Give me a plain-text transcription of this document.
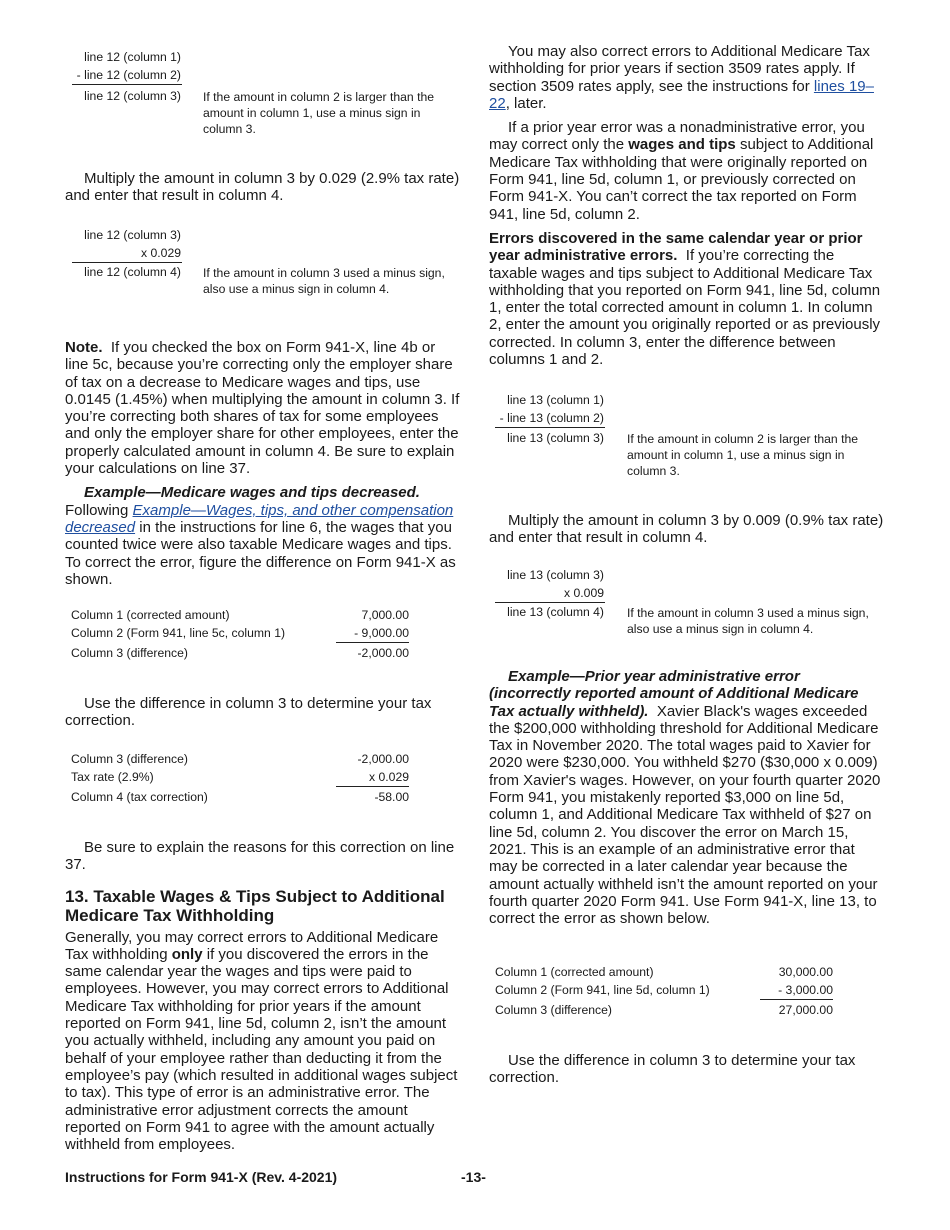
line 12 (column 1)
- line 12 (column 2)
line 12 (column 3) If the amount in column 2 is larger than the amount in column 1, use a minus sign in column 3.

Multiply the amount in column 3 by 0.029 (2.9% tax rate) and enter that result in column 4.

line 12 (column 3)
x 0.029
line 12 (column 4) If the amount in column 3 used a minus sign, also use a minus sign in column 4.

Note. If you checked the box on Form 941-X, line 4b or line 5c, because you’re correcting only the employer share of tax on a decrease to Medicare wages and tips, use 0.0145 (1.45%) when multiplying the amount in column 3. If you’re correcting both shares of tax for some employees and only the employer share for other employees, enter the properly calculated amount in column 4. Be sure to explain your calculations on line 37.

Example—Medicare wages and tips decreased. Following Example—Wages, tips, and other compensation decreased in the instructions for line 6, the wages that you counted twice were also taxable Medicare wages and tips. To correct the error, figure the difference on Form 941-X as shown.

Column 1 (corrected amount)	7,000.00
Column 2 (Form 941, line 5c, column 1)	- 9,000.00
Column 3 (difference)	-2,000.00

Use the difference in column 3 to determine your tax correction.

Column 3 (difference)	-2,000.00
Tax rate (2.9%)	x 0.029
Column 4 (tax correction)	-58.00

Be sure to explain the reasons for this correction on line 37.

13. Taxable Wages & Tips Subject to Additional Medicare Tax Withholding

Generally, you may correct errors to Additional Medicare Tax withholding only if you discovered the errors in the same calendar year the wages and tips were paid to employees. However, you may correct errors to Additional Medicare Tax withholding for prior years if the amount reported on Form 941, line 5d, column 2, isn’t the amount you actually withheld, including any amount you paid on behalf of your employee rather than deducting it from the employee’s pay (which resulted in additional wages subject to tax). This type of error is an administrative error. The administrative error adjustment corrects the amount reported on Form 941 to agree with the amount actually withheld from employees.

You may also correct errors to Additional Medicare Tax withholding for prior years if section 3509 rates apply. If section 3509 rates apply, see the instructions for lines 19–22, later.

If a prior year error was a nonadministrative error, you may correct only the wages and tips subject to Additional Medicare Tax withholding that were originally reported on Form 941, line 5d, column 1, or previously corrected on Form 941-X. You can’t correct the tax reported on Form 941, line 5d, column 2.

Errors discovered in the same calendar year or prior year administrative errors. If you’re correcting the taxable wages and tips subject to Additional Medicare Tax withholding that you reported on Form 941, line 5d, column 1, enter the total corrected amount in column 1. In column 2, enter the amount you originally reported or as previously corrected. In column 3, enter the difference between columns 1 and 2.

line 13 (column 1)
- line 13 (column 2)
line 13 (column 3) If the amount in column 2 is larger than the amount in column 1, use a minus sign in column 3.

Multiply the amount in column 3 by 0.009 (0.9% tax rate) and enter that result in column 4.

line 13 (column 3)
x 0.009
line 13 (column 4) If the amount in column 3 used a minus sign, also use a minus sign in column 4.

Example—Prior year administrative error (incorrectly reported amount of Additional Medicare Tax actually withheld). Xavier Black's wages exceeded the $200,000 withholding threshold for Additional Medicare Tax in November 2020. The total wages paid to Xavier for 2020 were $230,000. You withheld $270 ($30,000 x 0.009) from Xavier's wages. However, on your fourth quarter 2020 Form 941, you mistakenly reported $3,000 on line 5d, column 1, and Additional Medicare Tax withheld of $27 on line 5d, column 2. You discover the error on March 15, 2021. This is an example of an administrative error that may be corrected in a later calendar year because the amount actually withheld isn’t the amount reported on your fourth quarter 2020 Form 941. Use Form 941-X, line 13, to correct the error as shown below.

Column 1 (corrected amount)	30,000.00
Column 2 (Form 941, line 5d, column 1)	- 3,000.00
Column 3 (difference)	27,000.00

Use the difference in column 3 to determine your tax correction.

Instructions for Form 941-X (Rev. 4-2021)	-13-
